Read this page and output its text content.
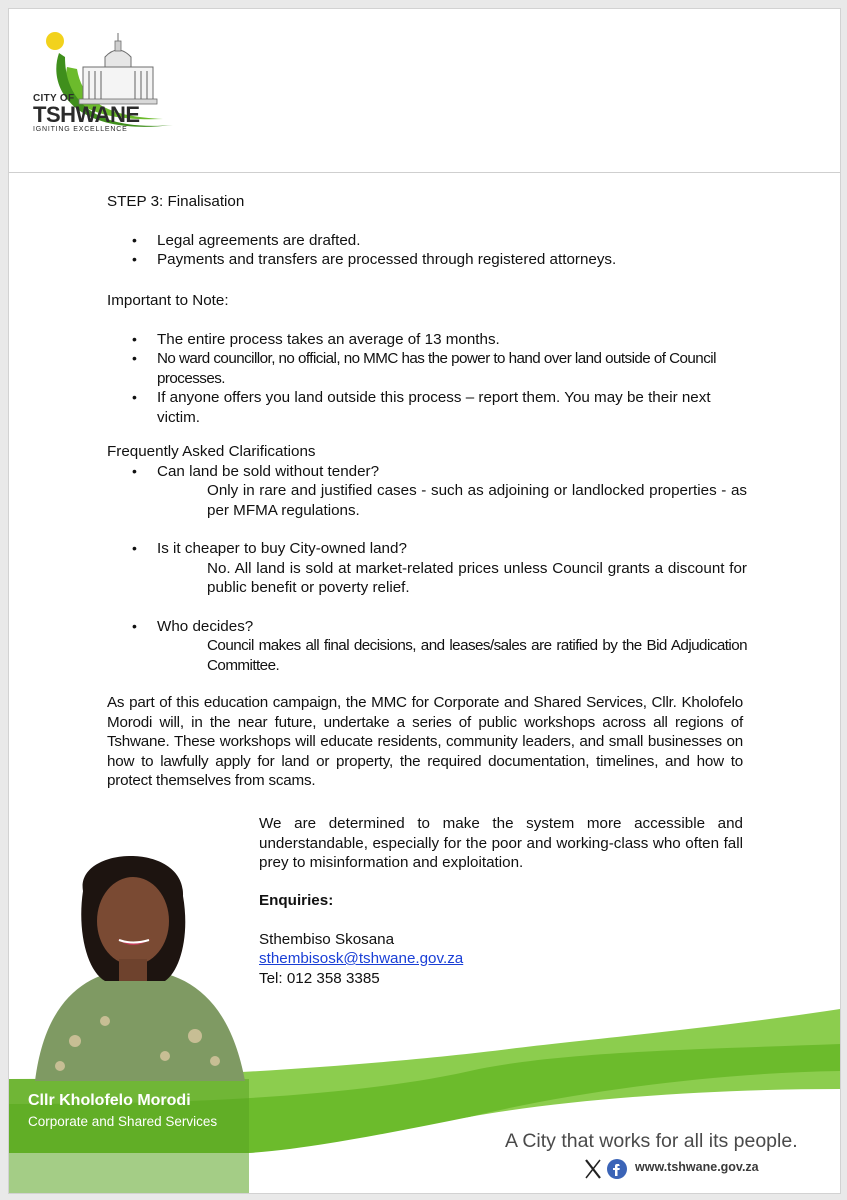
CITY OF
TSHWANE
IGNITING EXCELLENCE
STEP 3: Finalisation
• Legal agreements are drafted.
• Payments and transfers are processed through registered attorneys.
Important to Note:
• The entire process takes an average of 13 months.
• No ward councillor, no official, no MMC has the power to hand over land outside of Council processes.
• If anyone offers you land outside this process – report them. You may be their next victim.
Frequently Asked Clarifications
• Can land be sold without tender?
Only in rare and justified cases - such as adjoining or landlocked properties - as per MFMA regulations.
• Is it cheaper to buy City-owned land?
No. All land is sold at market-related prices unless Council grants a discount for public benefit or poverty relief.
• Who decides?
Council makes all final decisions, and leases/sales are ratified by the Bid Adjudication Committee.
As part of this education campaign, the MMC for Corporate and Shared Services, Cllr. Kholofelo Morodi will, in the near future, undertake a series of public workshops across all regions of Tshwane. These workshops will educate residents, community leaders, and small businesses on how to lawfully apply for land or property, the required documentation, timelines, and how to protect themselves from scams.
We are determined to make the system more accessible and understandable, especially for the poor and working-class who often fall prey to misinformation and exploitation.
Enquiries:
Sthembiso Skosana
sthembisosk@tshwane.gov.za
Tel: 012 358 3385
Cllr Kholofelo Morodi
Corporate and Shared Services
A City that works for all its people.
www.tshwane.gov.za
